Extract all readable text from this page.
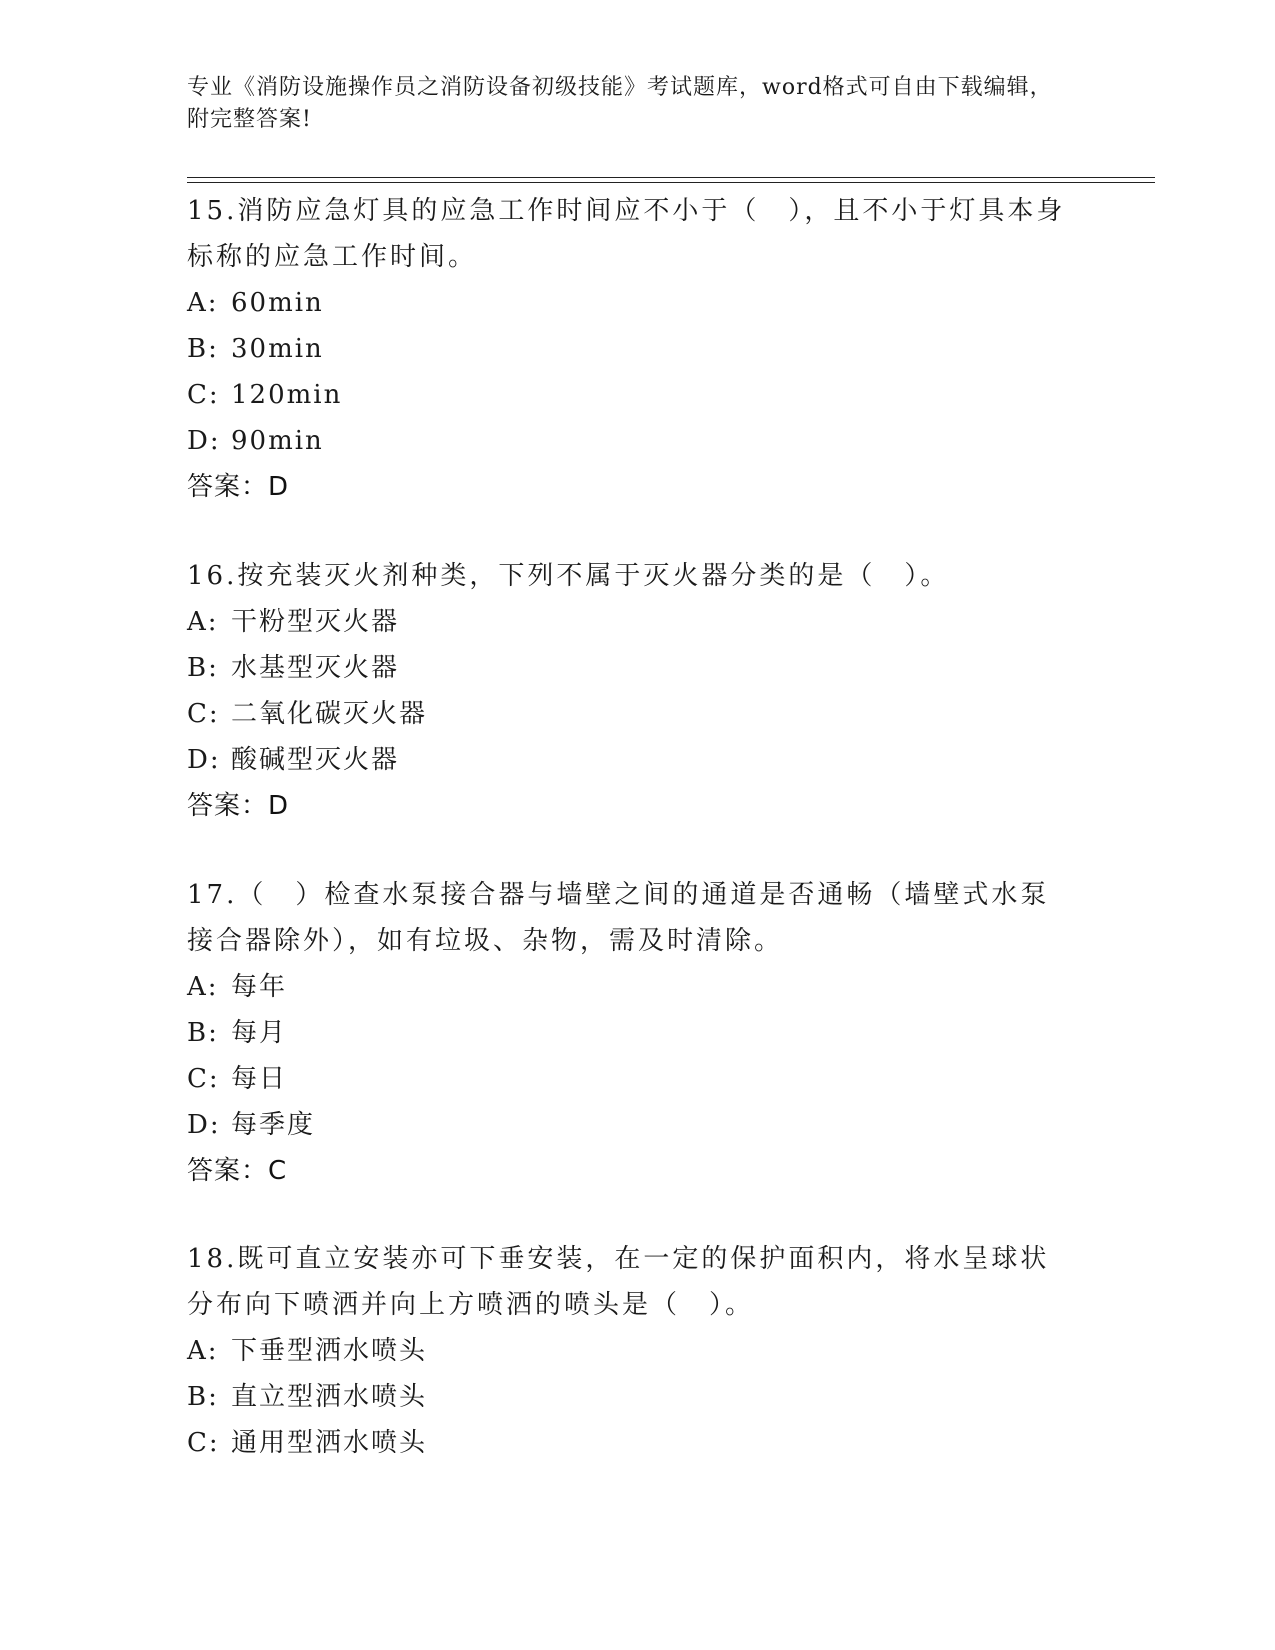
专业《消防设施操作员之消防设备初级技能》考试题库，word格式可自由下载编辑，附完整答案!

15.消防应急灯具的应急工作时间应不小于（　），且不小于灯具本身标称的应急工作时间。

A: 60min

B: 30min

C: 120min

D: 90min

答案：D

16.按充装灭火剂种类，下列不属于灭火器分类的是（　）。

A: 干粉型灭火器

B: 水基型灭火器

C: 二氧化碳灭火器

D: 酸碱型灭火器

答案：D

17.（　）检查水泵接合器与墙壁之间的通道是否通畅（墙壁式水泵接合器除外），如有垃圾、杂物，需及时清除。

A: 每年

B: 每月

C: 每日

D: 每季度

答案：C

18.既可直立安装亦可下垂安装，在一定的保护面积内，将水呈球状分布向下喷洒并向上方喷洒的喷头是（　）。

A: 下垂型洒水喷头

B: 直立型洒水喷头

C: 通用型洒水喷头
